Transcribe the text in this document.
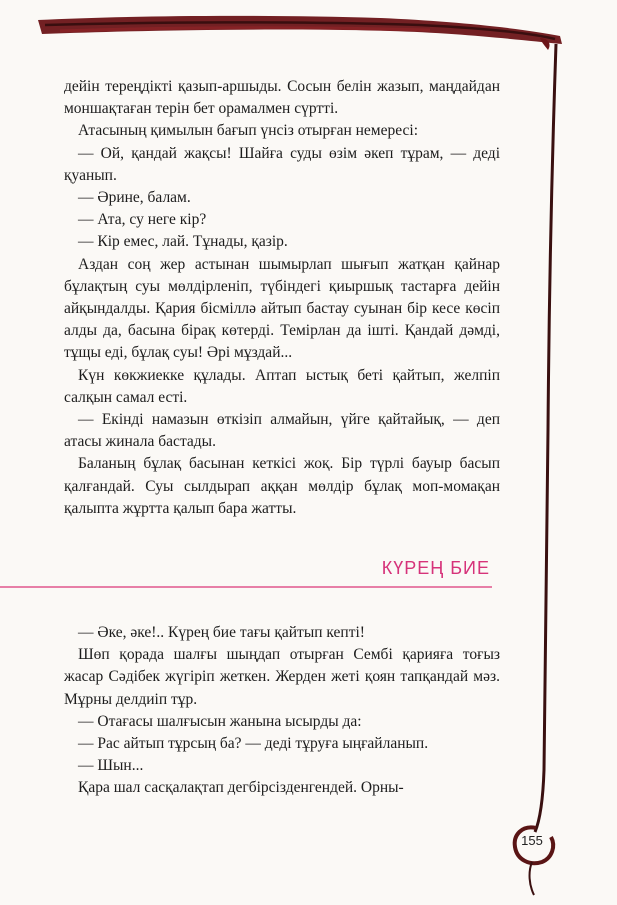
дейін тереңдікті қазып-аршыды. Сосын белін жазып, маңдайдан моншақтаған терін бет орамалмен сүртті.

Атасының қимылын бағып үнсіз отырған немересі:

— Ой, қандай жақсы! Шайға суды өзім әкеп тұрам, — деді қуанып.

— Әрине, балам.

— Ата, су неге кір?

— Кір емес, лай. Тұнады, қазір.

Аздан соң жер астынан шымырлап шығып жатқан қайнар бұлақтың суы мөлдірленіп, түбіндегі қиыршық тастарға дейін айқындалды. Қария бісміллә айтып бастау суынан бір кесе көсіп алды да, басына бірақ көтерді. Темірлан да ішті. Қандай дәмді, тұщы еді, бұлақ суы! Әрі мұздай...

Күн көкжиекке құлады. Аптап ыстық беті қайтып, желпіп салқын самал есті.

— Екінді намазын өткізіп алмайын, үйге қайтайық, — деп атасы жинала бастады.

Баланың бұлақ басынан кеткісі жоқ. Бір түрлі бауыр басып қалғандай. Суы сылдырап аққан мөлдір бұлақ моп-момақан қалыпта жұртта қалып бара жатты.

КҮРЕҢ БИЕ

— Әке, әке!.. Күрең бие тағы қайтып кепті!

Шөп қорада шалғы шыңдап отырған Сембі қарияға тоғыз жасар Сәдібек жүгіріп жеткен. Жерден жеті қоян тапқандай мәз. Мұрны делдиіп тұр.

— Отағасы шалғысын жанына ысырды да:

— Рас айтып тұрсың ба? — деді тұруға ыңғайланып.

— Шын...

Қара шал сасқалақтап дегбірсізденгендей. Орны-

155
